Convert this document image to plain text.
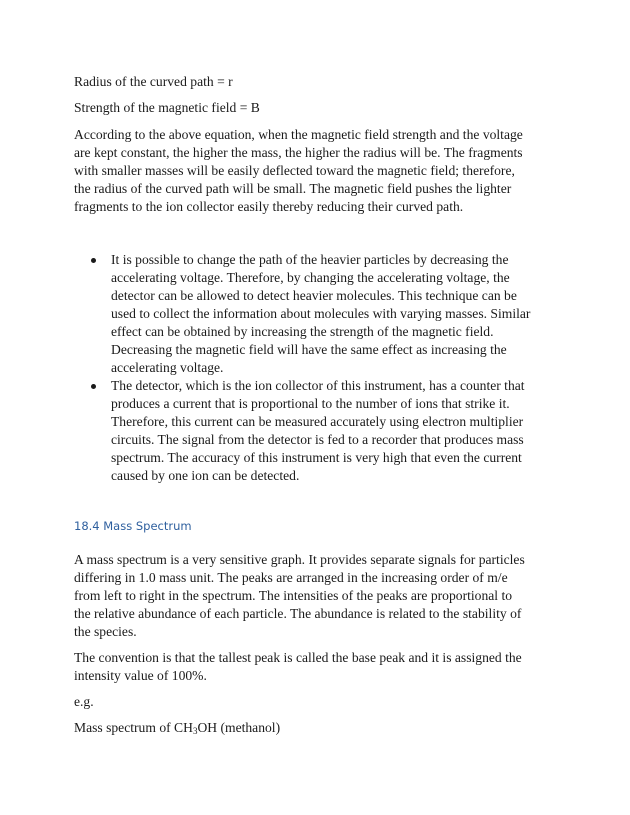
Radius of the curved path = r
Strength of the magnetic field = B
According to the above equation, when the magnetic field strength and the voltage
are kept constant, the higher the mass, the higher the radius will be. The fragments
with smaller masses will be easily deflected toward the magnetic field; therefore,
the radius of the curved path will be small. The magnetic field pushes the lighter
fragments to the ion collector easily thereby reducing their curved path.
It is possible to change the path of the heavier particles by decreasing the
accelerating voltage. Therefore, by changing the accelerating voltage, the
detector can be allowed to detect heavier molecules. This technique can be
used to collect the information about molecules with varying masses. Similar
effect can be obtained by increasing the strength of the magnetic field.
Decreasing the magnetic field will have the same effect as increasing the
accelerating voltage.
The detector, which is the ion collector of this instrument, has a counter that
produces a current that is proportional to the number of ions that strike it.
Therefore, this current can be measured accurately using electron multiplier
circuits. The signal from the detector is fed to a recorder that produces mass
spectrum. The accuracy of this instrument is very high that even the current
caused by one ion can be detected.
18.4 Mass Spectrum
A mass spectrum is a very sensitive graph. It provides separate signals for particles
differing in 1.0 mass unit. The peaks are arranged in the increasing order of m/e
from left to right in the spectrum. The intensities of the peaks are proportional to
the relative abundance of each particle. The abundance is related to the stability of
the species.
The convention is that the tallest peak is called the base peak and it is assigned the
intensity value of 100%.
e.g.
Mass spectrum of $CH_3OH$ (methanol)
